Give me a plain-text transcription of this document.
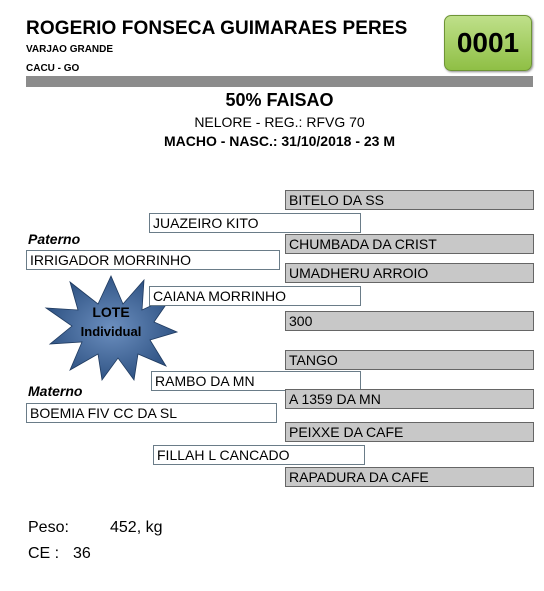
ROGERIO FONSECA GUIMARAES PERES
VARJAO GRANDE
CACU - GO
0001
50% FAISAO
NELORE - REG.: RFVG 70
MACHO - NASC.: 31/10/2018 - 23 M
LOTE
Individual
Paterno
Materno
IRRIGADOR MORRINHO
JUAZEIRO KITO
CAIANA MORRINHO
BITELO DA SS
CHUMBADA DA CRIST
UMADHERU ARROIO
300
BOEMIA FIV CC DA SL
RAMBO DA MN
FILLAH L CANCADO
TANGO
A 1359 DA MN
PEIXXE DA CAFE
RAPADURA DA CAFE
Peso:	452, kg
CE : 36
